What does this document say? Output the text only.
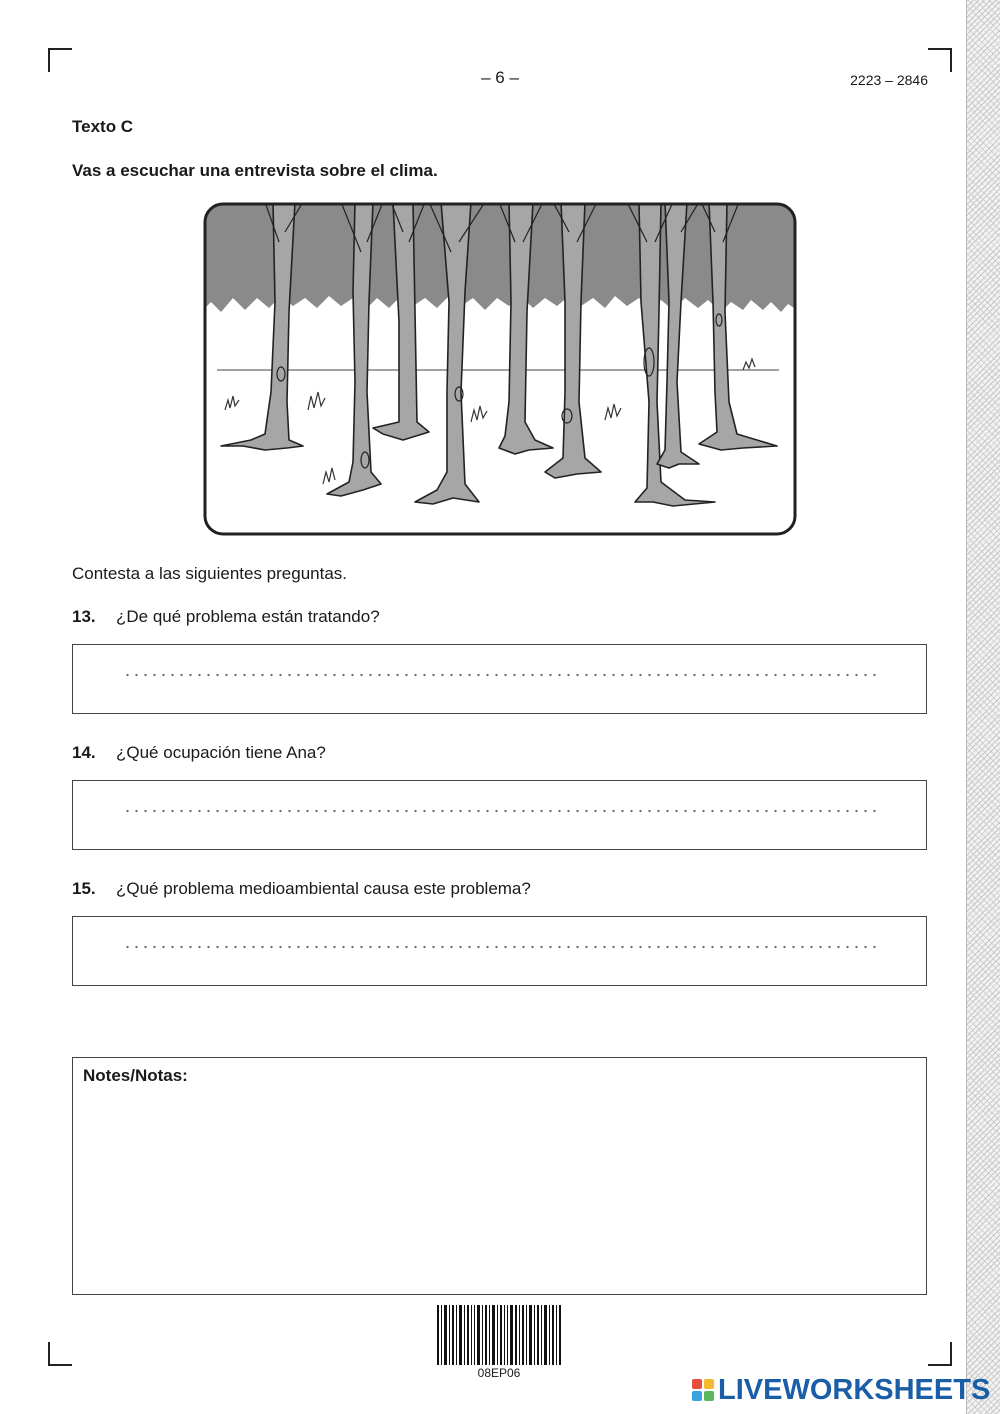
– 6 –	2223 – 2846
Texto C
Vas a escuchar una entrevista sobre el clima.
Contesta a las siguientes preguntas.
13. ¿De qué problema están tratando?
14. ¿Qué ocupación tiene Ana?
15. ¿Qué problema medioambiental causa este problema?
Notes/Notas:
08EP06
LIVEWORKSHEETS
